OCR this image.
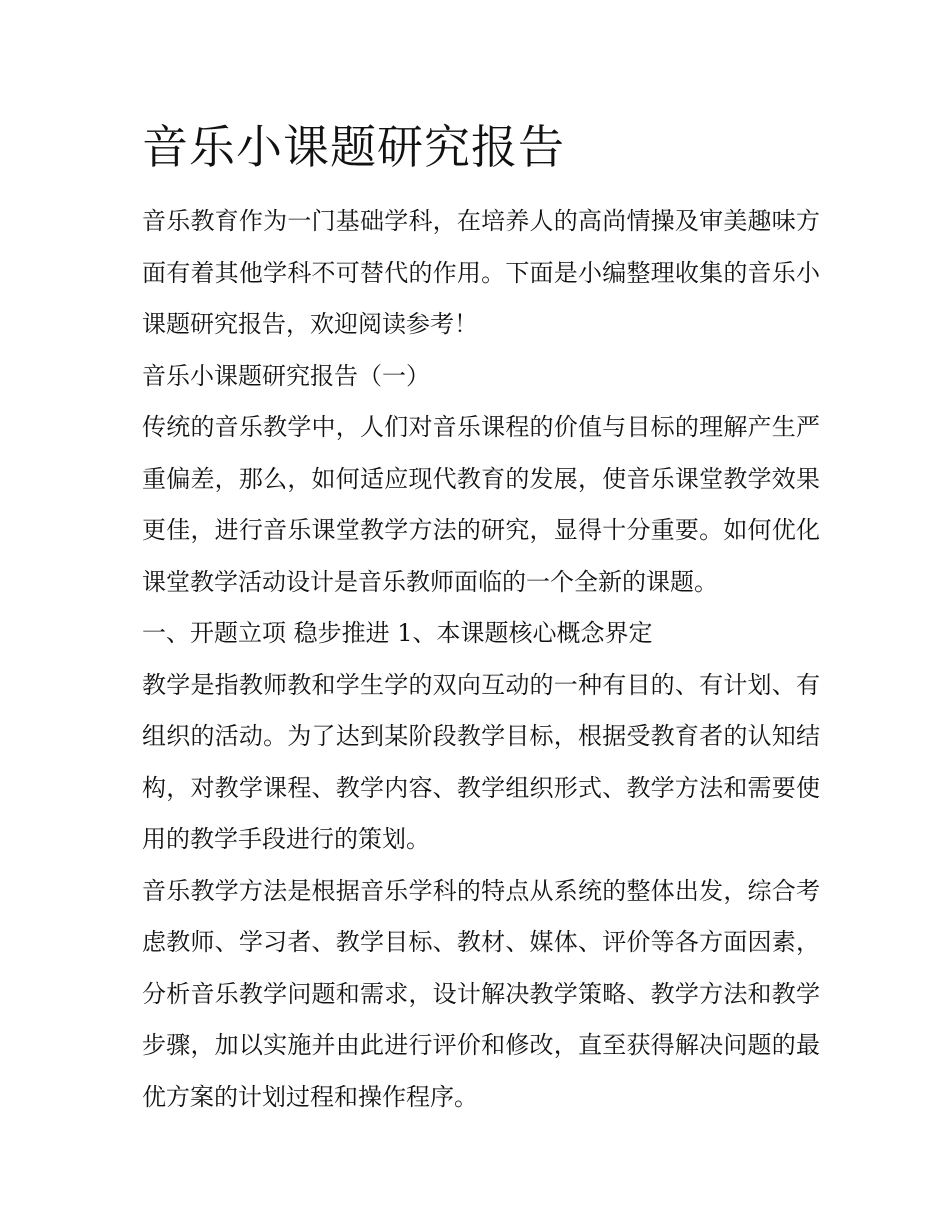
音乐小课题研究报告

音乐教育作为一门基础学科，在培养人的高尚情操及审美趣味方面有着其他学科不可替代的作用。下面是小编整理收集的音乐小课题研究报告，欢迎阅读参考！

音乐小课题研究报告（一）

传统的音乐教学中，人们对音乐课程的价值与目标的理解产生严重偏差，那么，如何适应现代教育的发展，使音乐课堂教学效果更佳，进行音乐课堂教学方法的研究，显得十分重要。如何优化课堂教学活动设计是音乐教师面临的一个全新的课题。

一、开题立项 稳步推进 1、本课题核心概念界定

教学是指教师教和学生学的双向互动的一种有目的、有计划、有组织的活动。为了达到某阶段教学目标，根据受教育者的认知结构，对教学课程、教学内容、教学组织形式、教学方法和需要使用的教学手段进行的策划。

音乐教学方法是根据音乐学科的特点从系统的整体出发，综合考虑教师、学习者、教学目标、教材、媒体、评价等各方面因素，分析音乐教学问题和需求，设计解决教学策略、教学方法和教学步骤，加以实施并由此进行评价和修改，直至获得解决问题的最优方案的计划过程和操作程序。
